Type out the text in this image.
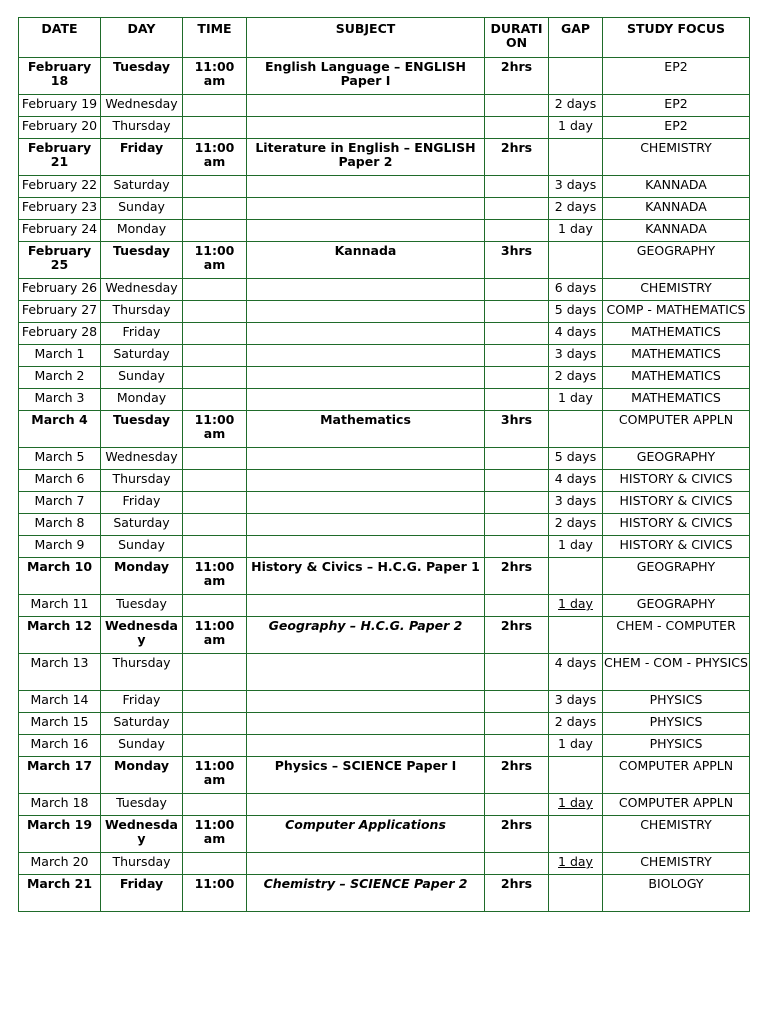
DATE	DAY	TIME	SUBJECT	DURATI ON	GAP	STUDY FOCUS
February 18	Tuesday	11:00 am	English Language – ENGLISH Paper I	2hrs		EP2
February 19	Wednesday				2 days	EP2
February 20	Thursday				1 day	EP2
February 21	Friday	11:00 am	Literature in English – ENGLISH Paper 2	2hrs		CHEMISTRY
February 22	Saturday				3 days	KANNADA
February 23	Sunday				2 days	KANNADA
February 24	Monday				1 day	KANNADA
February 25	Tuesday	11:00 am	Kannada	3hrs		GEOGRAPHY
February 26	Wednesday				6 days	CHEMISTRY
February 27	Thursday				5 days	COMP - MATHEMATICS
February 28	Friday				4 days	MATHEMATICS
March 1	Saturday				3 days	MATHEMATICS
March 2	Sunday				2 days	MATHEMATICS
March 3	Monday				1 day	MATHEMATICS
March 4	Tuesday	11:00 am	Mathematics	3hrs		COMPUTER APPLN
March 5	Wednesday				5 days	GEOGRAPHY
March 6	Thursday				4 days	HISTORY & CIVICS
March 7	Friday				3 days	HISTORY & CIVICS
March 8	Saturday				2 days	HISTORY & CIVICS
March 9	Sunday				1 day	HISTORY & CIVICS
March 10	Monday	11:00 am	History & Civics – H.C.G. Paper 1	2hrs		GEOGRAPHY
March 11	Tuesday				1 day	GEOGRAPHY
March 12	Wednesday	11:00 am	Geography – H.C.G. Paper 2	2hrs		CHEM - COMPUTER
March 13	Thursday				4 days	CHEM - COM - PHYSICS
March 14	Friday				3 days	PHYSICS
March 15	Saturday				2 days	PHYSICS
March 16	Sunday				1 day	PHYSICS
March 17	Monday	11:00 am	Physics – SCIENCE Paper I	2hrs		COMPUTER APPLN
March 18	Tuesday				1 day	COMPUTER APPLN
March 19	Wednesday	11:00 am	Computer Applications	2hrs		CHEMISTRY
March 20	Thursday				1 day	CHEMISTRY
March 21	Friday	11:00	Chemistry – SCIENCE Paper 2	2hrs		BIOLOGY
